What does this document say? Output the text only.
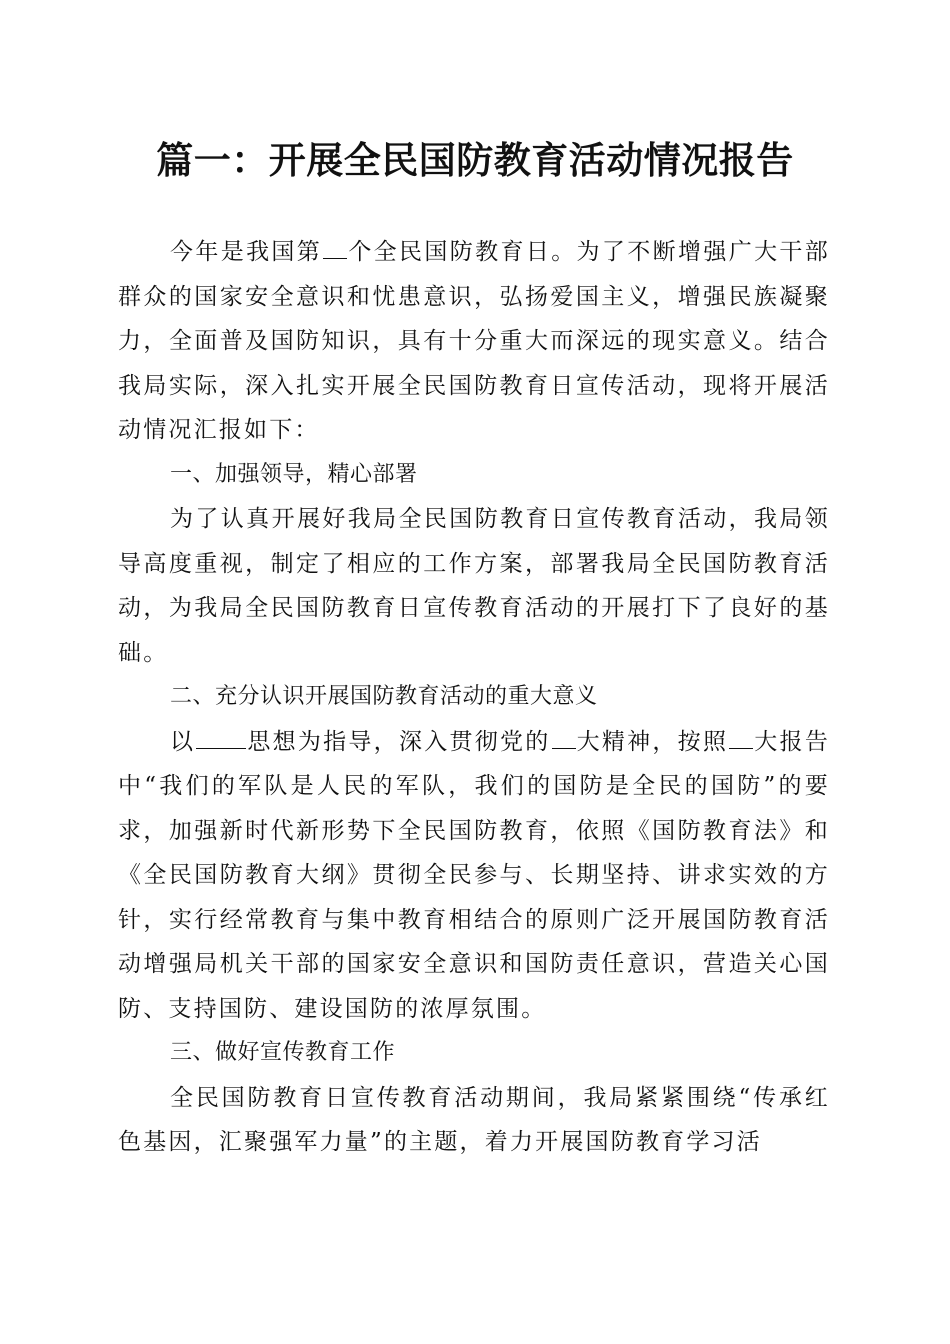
篇一：开展全民国防教育活动情况报告

今年是我国第 个全民国防教育日。为了不断增强广大干部群众的国家安全意识和忧患意识，弘扬爱国主义，增强民族凝聚力，全面普及国防知识，具有十分重大而深远的现实意义。结合我局实际，深入扎实开展全民国防教育日宣传活动，现将开展活动情况汇报如下：

一、加强领导，精心部署

为了认真开展好我局全民国防教育日宣传教育活动，我局领导高度重视，制定了相应的工作方案，部署我局全民国防教育活动，为我局全民国防教育日宣传教育活动的开展打下了良好的基础。

二、充分认识开展国防教育活动的重大意义

以 思想为指导，深入贯彻党的 大精神，按照 大报告中“我们的军队是人民的军队，我们的国防是全民的国防”的要求，加强新时代新形势下全民国防教育，依照《国防教育法》和《全民国防教育大纲》贯彻全民参与、长期坚持、讲求实效的方针，实行经常教育与集中教育相结合的原则广泛开展国防教育活动增强局机关干部的国家安全意识和国防责任意识，营造关心国防、支持国防、建设国防的浓厚氛围。

三、做好宣传教育工作

全民国防教育日宣传教育活动期间，我局紧紧围绕“传承红色基因，汇聚强军力量”的主题，着力开展国防教育学习活
